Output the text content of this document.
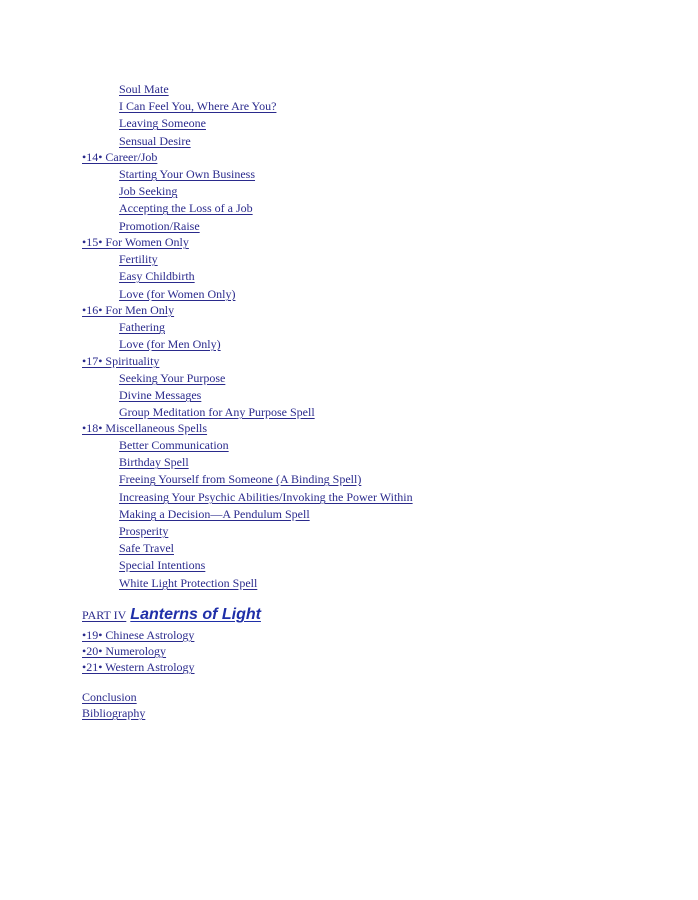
Soul Mate
I Can Feel You, Where Are You?
Leaving Someone
Sensual Desire
•14• Career/Job
Starting Your Own Business
Job Seeking
Accepting the Loss of a Job
Promotion/Raise
•15• For Women Only
Fertility
Easy Childbirth
Love (for Women Only)
•16• For Men Only
Fathering
Love (for Men Only)
•17• Spirituality
Seeking Your Purpose
Divine Messages
Group Meditation for Any Purpose Spell
•18• Miscellaneous Spells
Better Communication
Birthday Spell
Freeing Yourself from Someone (A Binding Spell)
Increasing Your Psychic Abilities/Invoking the Power Within
Making a Decision—A Pendulum Spell
Prosperity
Safe Travel
Special Intentions
White Light Protection Spell
PART IV Lanterns of Light
•19• Chinese Astrology
•20• Numerology
•21• Western Astrology
Conclusion
Bibliography
